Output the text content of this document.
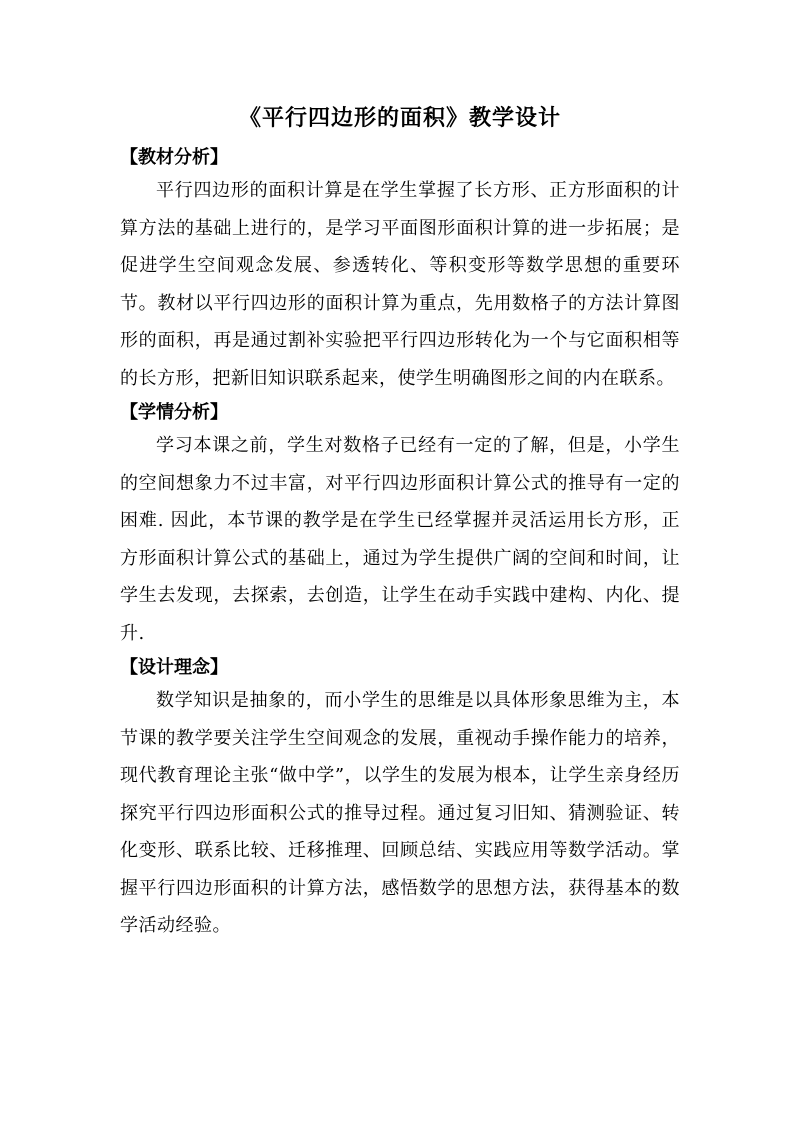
《平行四边形的面积》教学设计

【教材分析】

平行四边形的面积计算是在学生掌握了长方形、正方形面积的计算方法的基础上进行的，是学习平面图形面积计算的进一步拓展；是促进学生空间观念发展、参透转化、等积变形等数学思想的重要环节。教材以平行四边形的面积计算为重点，先用数格子的方法计算图形的面积，再是通过割补实验把平行四边形转化为一个与它面积相等的长方形，把新旧知识联系起来，使学生明确图形之间的内在联系。

【学情分析】

学习本课之前，学生对数格子已经有一定的了解，但是，小学生的空间想象力不过丰富，对平行四边形面积计算公式的推导有一定的困难. 因此，本节课的教学是在学生已经掌握并灵活运用长方形，正方形面积计算公式的基础上，通过为学生提供广阔的空间和时间，让学生去发现，去探索，去创造，让学生在动手实践中建构、内化、提升.

【设计理念】

数学知识是抽象的，而小学生的思维是以具体形象思维为主，本节课的教学要关注学生空间观念的发展，重视动手操作能力的培养，现代教育理论主张“做中学”，以学生的发展为根本，让学生亲身经历探究平行四边形面积公式的推导过程。通过复习旧知、猜测验证、转化变形、联系比较、迁移推理、回顾总结、实践应用等数学活动。掌握平行四边形面积的计算方法，感悟数学的思想方法，获得基本的数学活动经验。
